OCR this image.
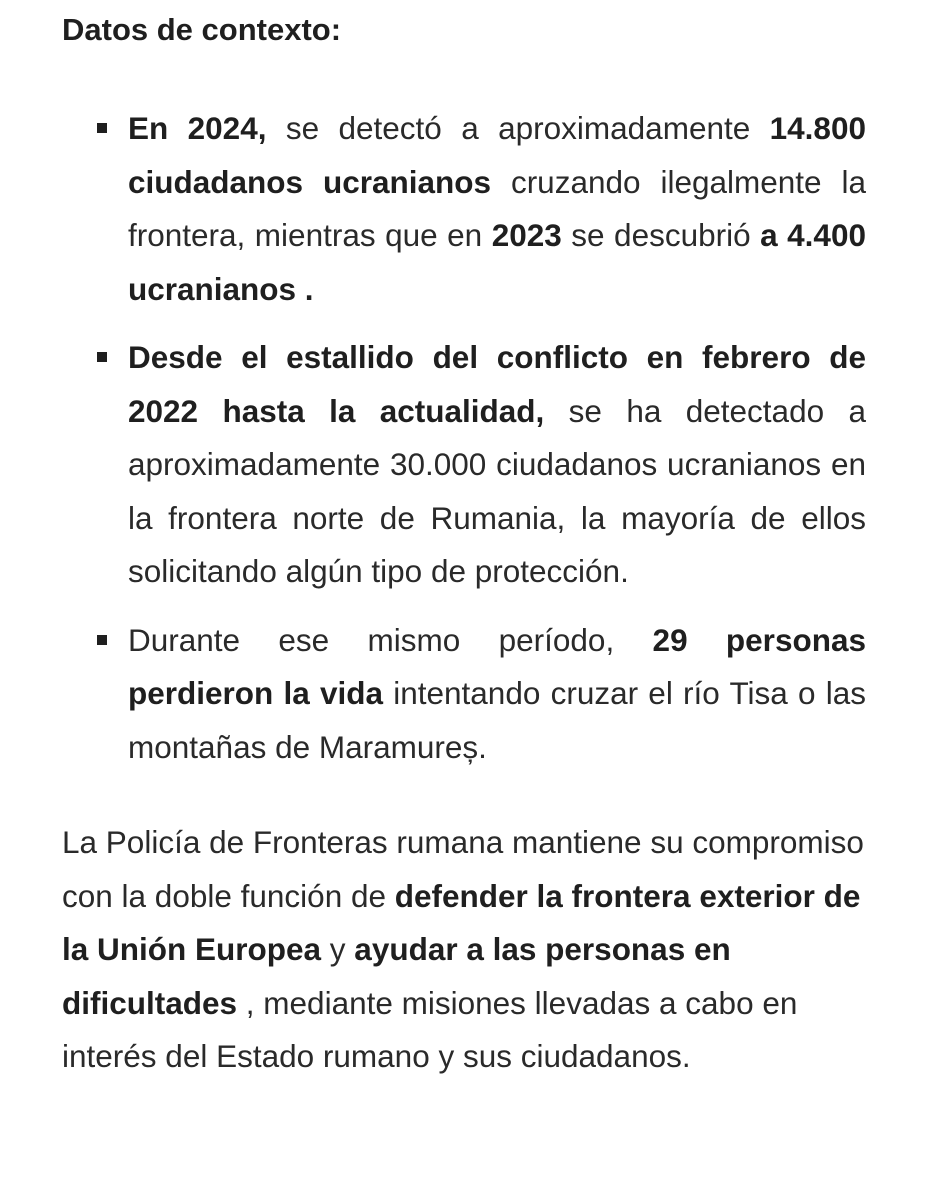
Datos de contexto:
En 2024, se detectó a aproximadamente 14.800 ciudadanos ucranianos cruzando ilegalmente la frontera, mientras que en 2023 se descubrió a 4.400 ucranianos .
Desde el estallido del conflicto en febrero de 2022 hasta la actualidad, se ha detectado a aproximadamente 30.000 ciudadanos ucranianos en la frontera norte de Rumania, la mayoría de ellos solicitando algún tipo de protección.
Durante ese mismo período, 29 personas perdieron la vida intentando cruzar el río Tisa o las montañas de Maramureș.

La Policía de Fronteras rumana mantiene su compromiso con la doble función de defender la frontera exterior de la Unión Europea y ayudar a las personas en dificultades , mediante misiones llevadas a cabo en interés del Estado rumano y sus ciudadanos.
